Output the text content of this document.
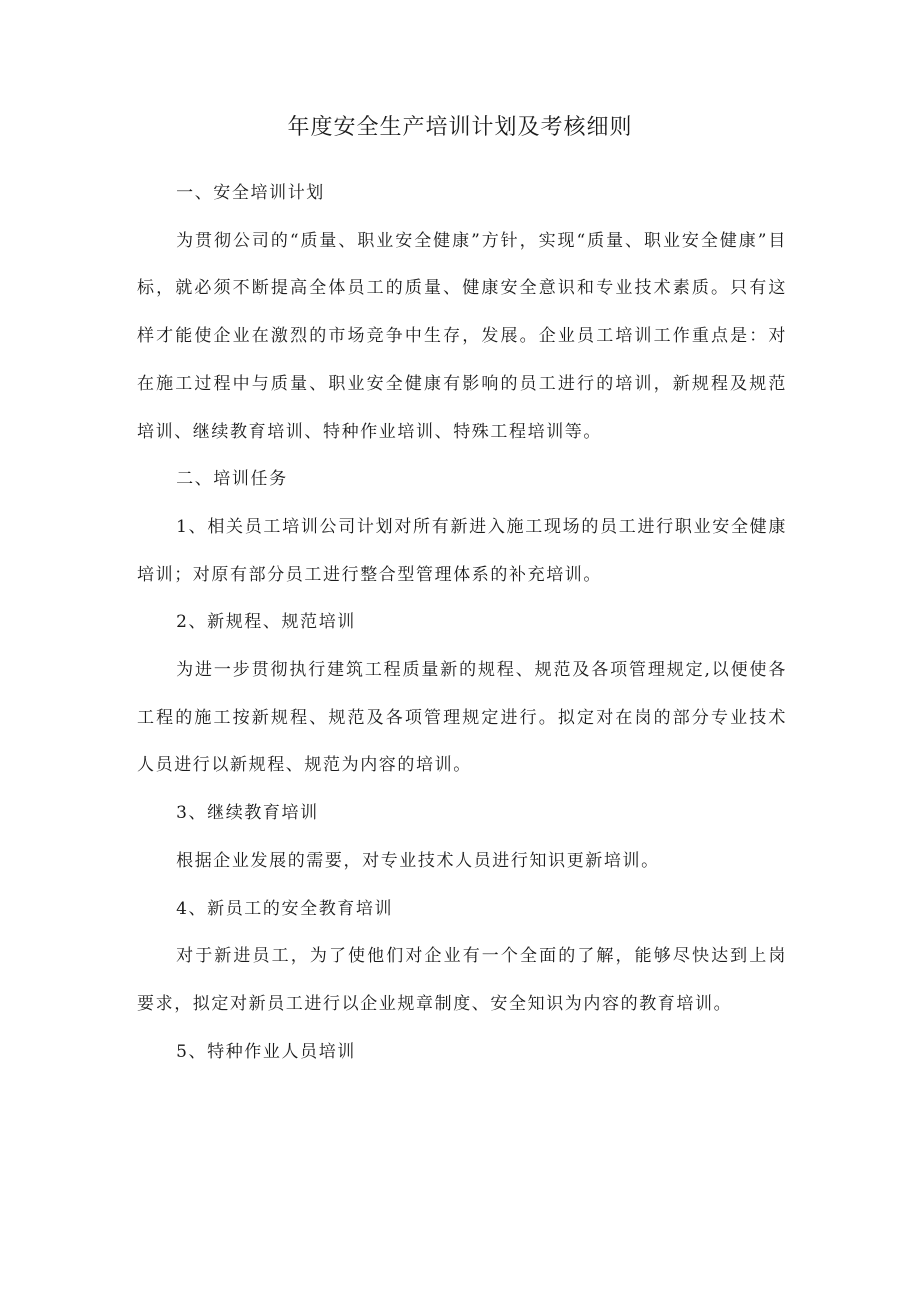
年度安全生产培训计划及考核细则

一、安全培训计划

为贯彻公司的“质量、职业安全健康”方针，实现“质量、职业安全健康”目标，就必须不断提高全体员工的质量、健康安全意识和专业技术素质。只有这样才能使企业在激烈的市场竞争中生存，发展。企业员工培训工作重点是：对在施工过程中与质量、职业安全健康有影响的员工进行的培训，新规程及规范培训、继续教育培训、特种作业培训、特殊工程培训等。

二、培训任务

1、相关员工培训公司计划对所有新进入施工现场的员工进行职业安全健康培训；对原有部分员工进行整合型管理体系的补充培训。

2、新规程、规范培训

为进一步贯彻执行建筑工程质量新的规程、规范及各项管理规定,以便使各工程的施工按新规程、规范及各项管理规定进行。拟定对在岗的部分专业技术人员进行以新规程、规范为内容的培训。

3、继续教育培训

根据企业发展的需要，对专业技术人员进行知识更新培训。

4、新员工的安全教育培训

对于新进员工，为了使他们对企业有一个全面的了解，能够尽快达到上岗要求，拟定对新员工进行以企业规章制度、安全知识为内容的教育培训。

5、特种作业人员培训
